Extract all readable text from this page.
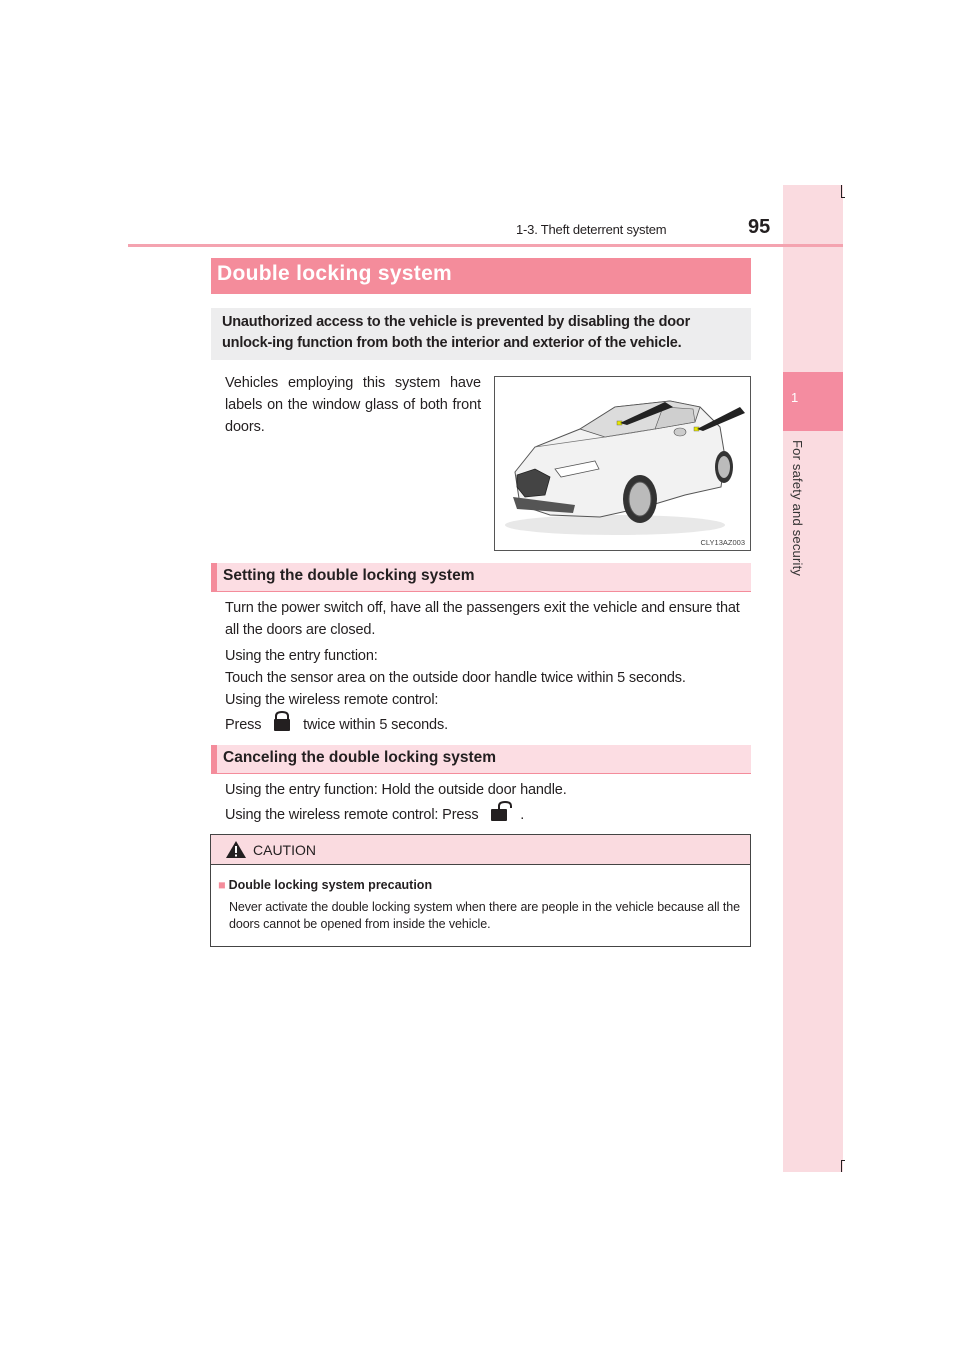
1
For safety and security
1-3. Theft deterrent system	95
Double locking system
Unauthorized access to the vehicle is prevented by disabling the door unlock-ing function from both the interior and exterior of the vehicle.
Vehicles employing this system have labels on the window glass of both front doors.
CLY13AZ003
Setting the double locking system
Turn the power switch off, have all the passengers exit the vehicle and ensure that all the doors are closed.
Using the entry function:
Touch the sensor area on the outside door handle twice within 5 seconds.
Using the wireless remote control:
Press	twice within 5 seconds.
Canceling the double locking system
Using the entry function: Hold the outside door handle.
Using the wireless remote control: Press	.
CAUTION
■ Double locking system precaution
Never activate the double locking system when there are people in the vehicle because all the doors cannot be opened from inside the vehicle.
